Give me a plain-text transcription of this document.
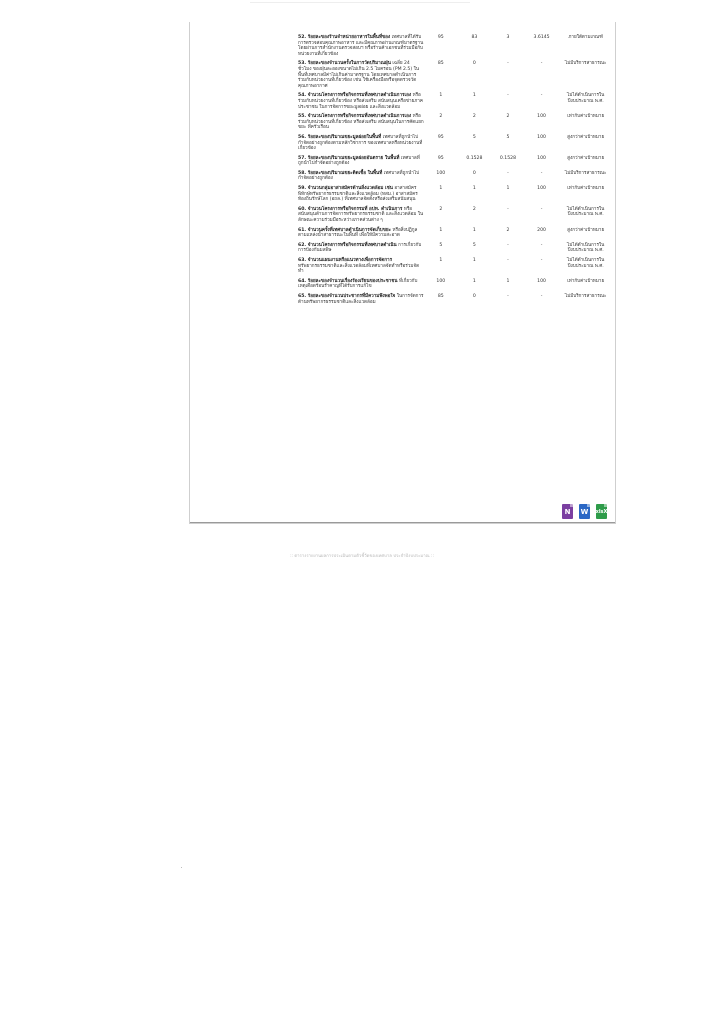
52. ร้อยละของร้านจำหน่ายอาหารในพื้นที่ของ เทศบาลที่ได้รับการตรวจสอบคุณภาพอาหาร และมีคุณภาพผ่านเกณฑ์มาตรฐาน โดยผ่านการสำนักงานตรวจสอบฯ หรือร้านค้าเอกชนที่ร่วมมือกับหน่วยงานที่เกี่ยวข้อง	95	83	3	3.6145	ภายใต้ตามเกณฑ์
53. ร้อยละของจำนวนครั้งในการวัดปริมาณฝุ่น เฉลี่ย 24 ชั่วโมง ของฝุ่นละอองขนาดไม่เกิน 2.5 ไมครอน (PM 2.5) ในพื้นที่เทศบาลมีค่าไม่เกินค่ามาตรฐาน โดยเทศบาลดำเนินการร่วมกับหน่วยงานที่เกี่ยวข้อง เช่น ใช้เครื่องมือหรือจุดตรวจวัดคุณภาพอากาศ	85	0	-	-	ไม่มีบริการสาธารณะ
54. จำนวนโครงการหรือกิจกรรมที่เทศบาลดำเนินการเอง หรือร่วมกับหน่วยงานที่เกี่ยวข้อง หรือส่งเสริม สนับสนุนเครือข่ายภาคประชาชน ในการจัดการขยะมูลฝอย และสิ่งแวดล้อม	1	1	-	-	ไม่ได้ดำเนินการในปีงบประมาณ พ.ศ.
55. จำนวนโครงการหรือกิจกรรมที่เทศบาลดำเนินการเอง หรือร่วมกับหน่วยงานที่เกี่ยวข้อง หรือส่งเสริม สนับสนุนในการคัดแยกขยะ ที่ครัวเรือน	2	2	2	100	เท่ากับค่าเป้าหมาย
56. ร้อยละของปริมาณขยะมูลฝอยในพื้นที่ เทศบาลที่ถูกนำไปกำจัดอย่างถูกต้องตามหลักวิชาการ ของเทศบาลหรือหน่วยงานที่เกี่ยวข้อง	95	5	5	100	สูงกว่าค่าเป้าหมาย
57. ร้อยละของปริมาณขยะมูลฝอยอันตราย ในพื้นที่ เทศบาลที่ถูกนำไปกำจัดอย่างถูกต้อง	95	0.1528	0.1528	100	สูงกว่าค่าเป้าหมาย
58. ร้อยละของปริมาณขยะติดเชื้อ ในพื้นที่ เทศบาลที่ถูกนำไปกำจัดอย่างถูกต้อง	100	0	-	-	ไม่มีบริการสาธารณะ
59. จำนวนกลุ่มอาสาสมัครด้านสิ่งแวดล้อม เช่น อาสาสมัครพิทักษ์ทรัพยากรธรรมชาติและสิ่งแวดล้อม (ทสม.) อาสาสมัครท้องถิ่นรักษ์โลก (อถล.) ที่เทศบาลจัดตั้งหรือส่งเสริมสนับสนุน	1	1	1	100	เท่ากับค่าเป้าหมาย
60. จำนวนโครงการหรือกิจกรรมที่ อปท. ดำเนินการ หรือสนับสนุนด้านการจัดการทรัพยากรธรรมชาติ และสิ่งแวดล้อม ในลักษณะความร่วมมือระหว่างภาคส่วนต่าง ๆ	2	2	-	-	ไม่ได้ดำเนินการในปีงบประมาณ พ.ศ.
61. จำนวนครั้งที่เทศบาลดำเนินการจัดเก็บขยะ หรือสิ่งปฏิกูลตามแหล่งน้ำสาธารณะในพื้นที่ เพื่อให้มีความสะอาด	1	1	2	200	สูงกว่าค่าเป้าหมาย
62. จำนวนโครงการหรือกิจกรรมที่เทศบาลดำเนิน การเกี่ยวกับการป้องกันมลพิษ	5	5	-	-	ไม่ได้ดำเนินการในปีงบประมาณ พ.ศ.
63. จำนวนแผนงานหรือแนวทางเพื่อการจัดการ ทรัพยากรธรรมชาติและสิ่งแวดล้อมที่เทศบาลจัดทำหรือร่วมจัดทำ	1	1	-	-	ไม่ได้ดำเนินการในปีงบประมาณ พ.ศ.
64. ร้อยละของจำนวนเรื่องร้องเรียนของประชาชน ที่เกี่ยวกับเหตุเดือดร้อนรำคาญที่ได้รับการแก้ไข	100	1	1	100	เท่ากับค่าเป้าหมาย
65. ร้อยละของจำนวนประชากรที่มีความพึงพอใจ ในการจัดการด้านทรัพยากรธรรมชาติและสิ่งแวดล้อม	85	0	-	-	ไม่มีบริการสาธารณะ
N W xlsX
:: ตารางรายงานผลการประเมินตามตัวชี้วัดของเทศบาล ประจำปีงบประมาณ ::
